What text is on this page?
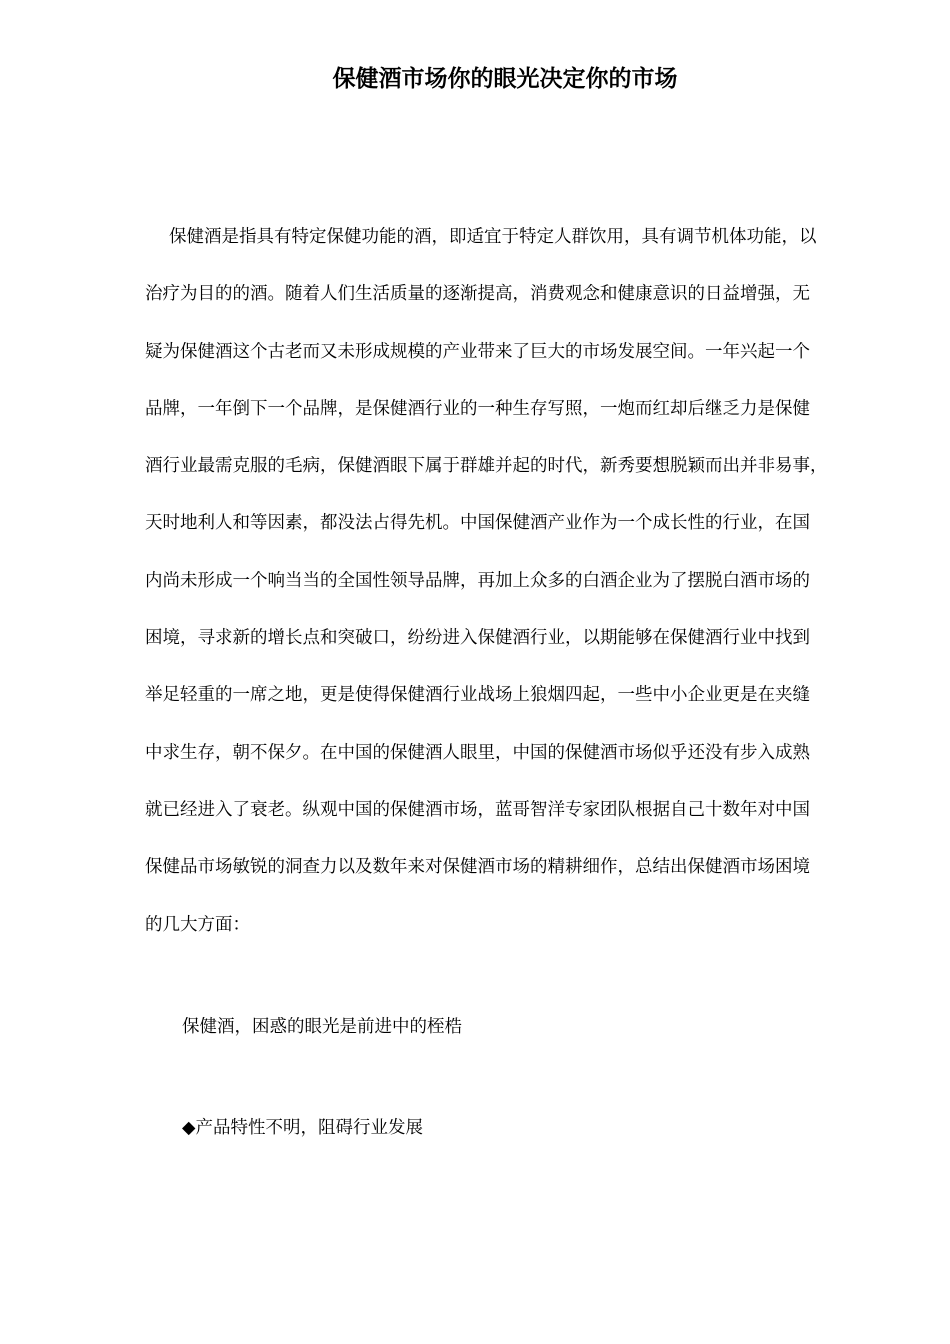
保健酒市场你的眼光决定你的市场
保健酒是指具有特定保健功能的酒，即适宜于特定人群饮用，具有调节机体功能，以
治疗为目的的酒。随着人们生活质量的逐渐提高，消费观念和健康意识的日益增强，无
疑为保健酒这个古老而又未形成规模的产业带来了巨大的市场发展空间。一年兴起一个
品牌，一年倒下一个品牌，是保健酒行业的一种生存写照，一炮而红却后继乏力是保健
酒行业最需克服的毛病，保健酒眼下属于群雄并起的时代，新秀要想脱颖而出并非易事，
天时地利人和等因素，都没法占得先机。中国保健酒产业作为一个成长性的行业，在国
内尚未形成一个响当当的全国性领导品牌，再加上众多的白酒企业为了摆脱白酒市场的
困境，寻求新的增长点和突破口，纷纷进入保健酒行业，以期能够在保健酒行业中找到
举足轻重的一席之地，更是使得保健酒行业战场上狼烟四起，一些中小企业更是在夹缝
中求生存，朝不保夕。在中国的保健酒人眼里，中国的保健酒市场似乎还没有步入成熟
就已经进入了衰老。纵观中国的保健酒市场，蓝哥智洋专家团队根据自己十数年对中国
保健品市场敏锐的洞查力以及数年来对保健酒市场的精耕细作，总结出保健酒市场困境
的几大方面：
保健酒，困惑的眼光是前进中的桎梏
◆产品特性不明，阻碍行业发展
